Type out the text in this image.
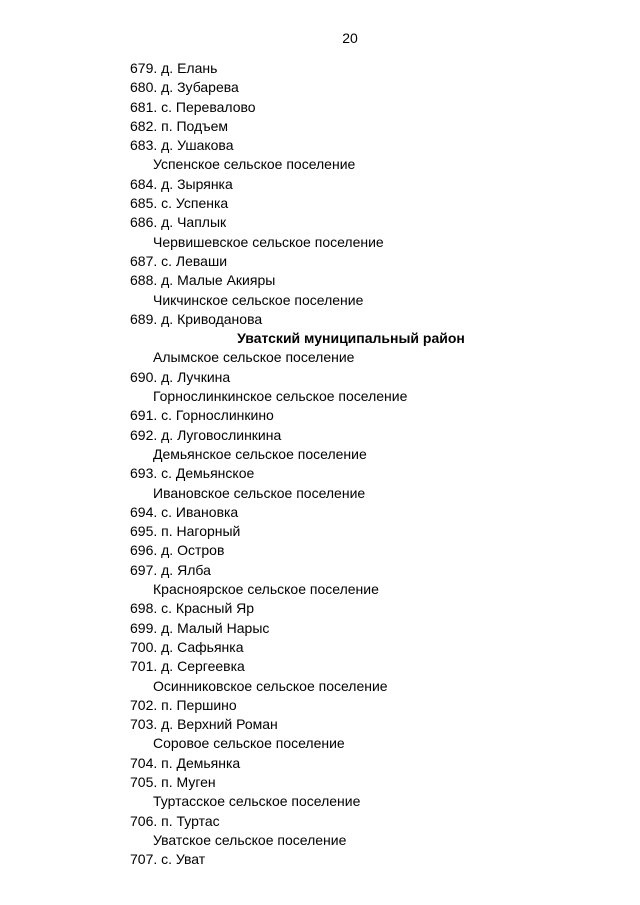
20
679. д. Елань
680. д. Зубарева
681. с. Перевалово
682. п. Подъем
683. д. Ушакова
Успенское сельское поселение
684. д. Зырянка
685. с. Успенка
686. д. Чаплык
Червишевское сельское поселение
687. с. Леваши
688. д. Малые Акияры
Чикчинское сельское поселение
689. д. Криводанова
Уватский муниципальный район
Алымское сельское поселение
690. д. Лучкина
Горнослинкинское сельское поселение
691. с. Горнослинкино
692. д. Луговослинкина
Демьянское сельское поселение
693. с. Демьянское
Ивановское сельское поселение
694. с. Ивановка
695. п. Нагорный
696. д. Остров
697. д. Ялба
Красноярское сельское поселение
698. с. Красный Яр
699. д. Малый Нарыс
700. д. Сафьянка
701. д. Сергеевка
Осинниковское сельское поселение
702. п. Першино
703. д. Верхний Роман
Соровое сельское поселение
704. п. Демьянка
705. п. Муген
Туртасское сельское поселение
706. п. Туртас
Уватское сельское поселение
707. с. Уват
